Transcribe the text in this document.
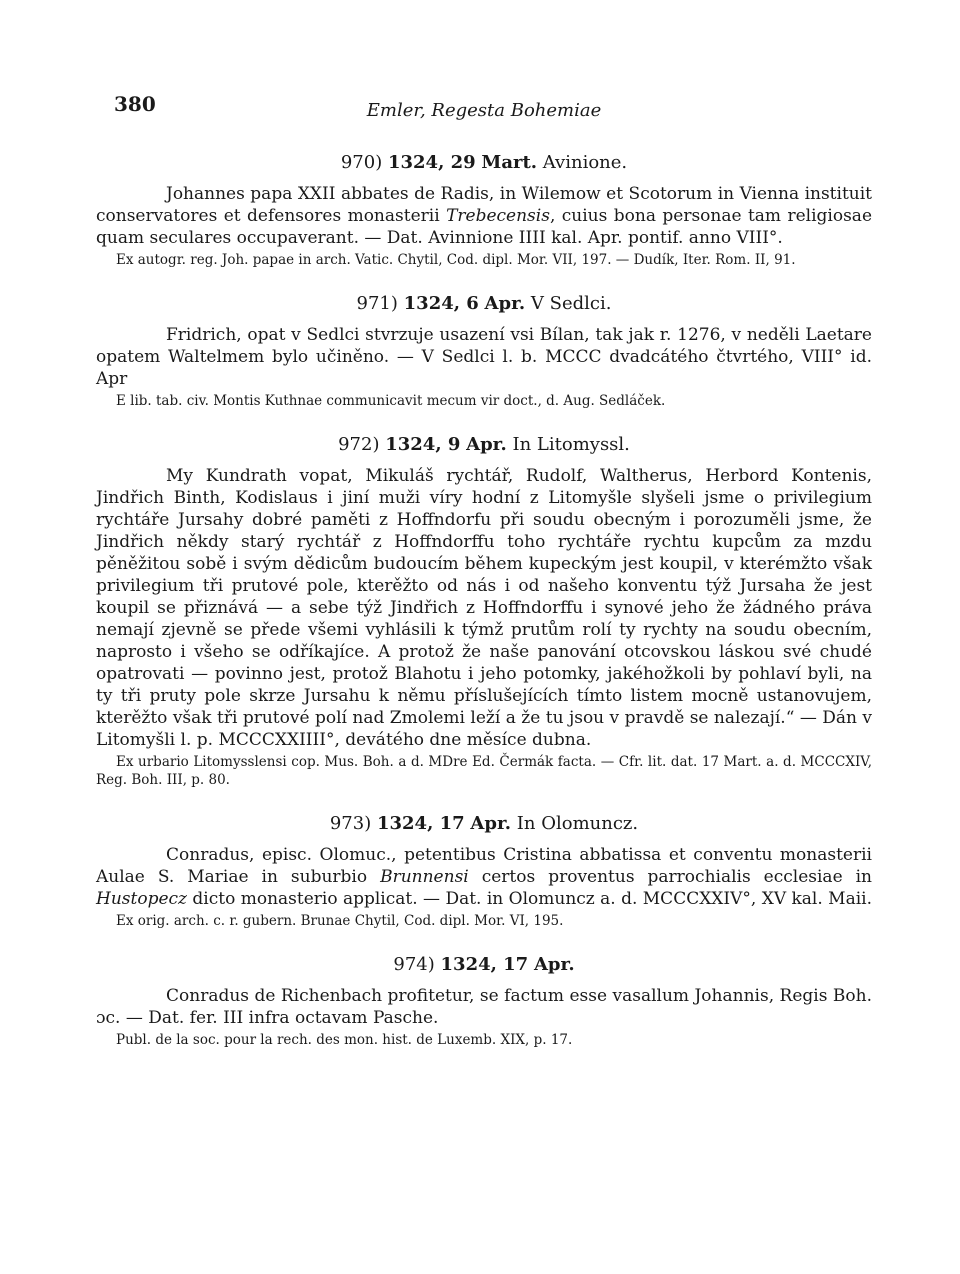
380	Emler, Regesta Bohemiae
970) 1324, 29 Mart. Avinione.

Johannes papa XXII abbates de Radis, in Wilemow et Scotorum in Vienna instituit conservatores et defensores monasterii Trebecensis, cuius bona personae tam religiosae quam seculares occupaverant. — Dat. Avinnione IIII kal. Apr. pontif. anno VIII°.

Ex autogr. reg. Joh. papae in arch. Vatic. Chytil, Cod. dipl. Mor. VII, 197. — Dudík, Iter. Rom. II, 91.

971) 1324, 6 Apr. V Sedlci.

Fridrich, opat v Sedlci stvrzuje usazení vsi Bílan, tak jak r. 1276, v neděli Laetare opatem Waltelmem bylo učiněno. — V Sedlci l. b. MCCC dvadcátého čtvrtého, VIII° id. Apr

E lib. tab. civ. Montis Kuthnae communicavit mecum vir doct., d. Aug. Sedláček.

972) 1324, 9 Apr. In Litomyssl.

My Kundrath vopat, Mikuláš rychtář, Rudolf, Waltherus, Herbord Kontenis, Jindřich Binth, Kodislaus i jiní muži víry hodní z Litomyšle slyšeli jsme o privilegium rychtáře Jursahy dobré paměti z Hoffndorfu při soudu obecným i porozuměli jsme, že Jindřich někdy starý rychtář z Hoffndorffu toho rychtáře rychtu kupcům za mzdu pěněžitou sobě i svým dědicům budoucím během kupeckým jest koupil, v kterémžto však privilegium tři prutové pole, kterěžto od nás i od našeho konventu týž Jursaha že jest koupil se přiznává — a sebe týž Jindřich z Hoffndorffu i synové jeho že žádného práva nemají zjevně se přede všemi vyhlásili k týmž prutům rolí ty rychty na soudu obecním, naprosto i všeho se odříkajíce. A protož že naše panování otcovskou láskou své chudé opatrovati — povinno jest, protož Blahotu i jeho potomky, jakéhožkoli by pohlaví byli, na ty tři pruty pole skrze Jursahu k němu příslušejících tímto listem mocně ustanovujem, kterěžto však tři prutové polí nad Zmolemi leží a že tu jsou v pravdě se nalezají.“ — Dán v Litomyšli l. p. MCCCXXIIII°, devátého dne měsíce dubna.

Ex urbario Litomysslensi cop. Mus. Boh. a d. MDre Ed. Čermák facta. — Cfr. lit. dat. 17 Mart. a. d. MCCCXIV, Reg. Boh. III, p. 80.

973) 1324, 17 Apr. In Olomuncz.

Conradus, episc. Olomuc., petentibus Cristina abbatissa et conventu monasterii Aulae S. Mariae in suburbio Brunnensi certos proventus parrochialis ecclesiae in Hustopecz dicto monasterio applicat. — Dat. in Olomuncz a. d. MCCCXXIV°, XV kal. Maii.

Ex orig. arch. c. r. gubern. Brunae Chytil, Cod. dipl. Mor. VI, 195.

974) 1324, 17 Apr.

Conradus de Richenbach profitetur, se factum esse vasallum Johannis, Regis Boh. ɔc. — Dat. fer. III infra octavam Pasche.

Publ. de la soc. pour la rech. des mon. hist. de Luxemb. XIX, p. 17.
